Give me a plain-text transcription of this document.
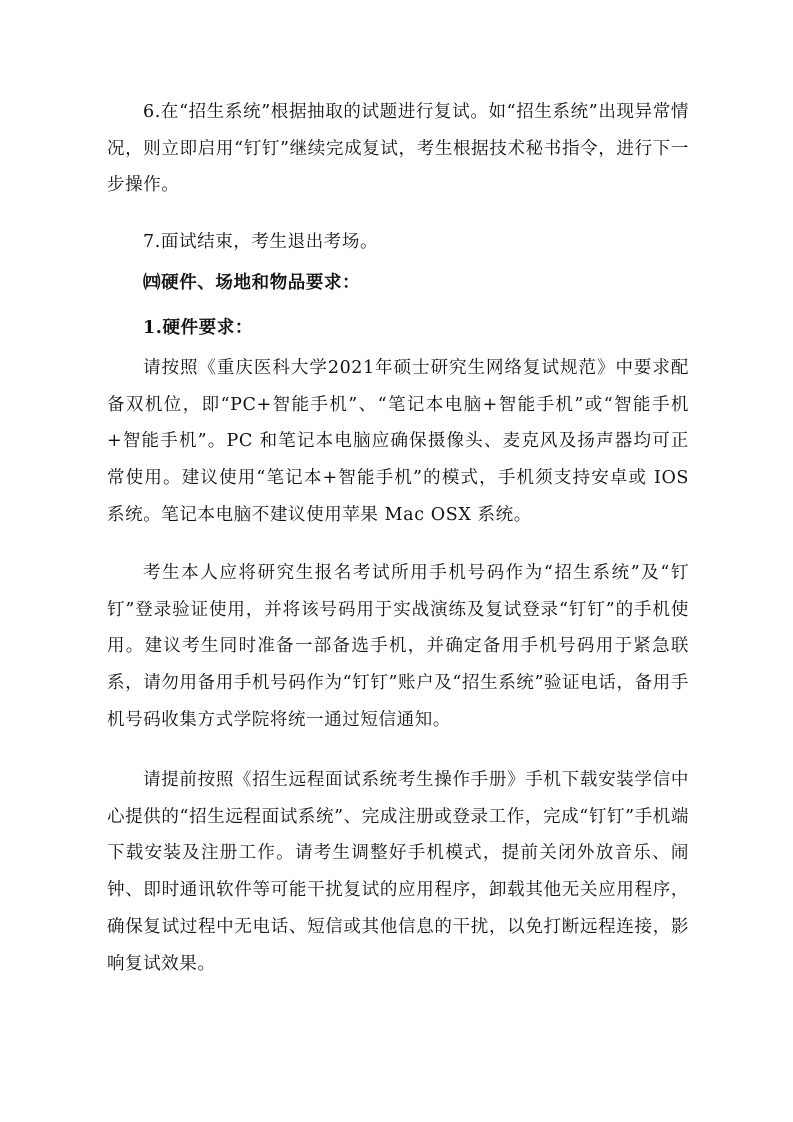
6.在“招生系统”根据抽取的试题进行复试。如“招生系统”出现异常情况，则立即启用“钉钉”继续完成复试，考生根据技术秘书指令，进行下一步操作。

7.面试结束，考生退出考场。

㈣硬件、场地和物品要求：

1.硬件要求：

请按照《重庆医科大学2021年硕士研究生网络复试规范》中要求配备双机位，即“PC+智能手机”、“笔记本电脑+智能手机”或“智能手机+智能手机”。PC 和笔记本电脑应确保摄像头、麦克风及扬声器均可正常使用。建议使用“笔记本+智能手机”的模式，手机须支持安卓或 IOS 系统。笔记本电脑不建议使用苹果 Mac OSX 系统。

考生本人应将研究生报名考试所用手机号码作为“招生系统”及“钉钉”登录验证使用，并将该号码用于实战演练及复试登录“钉钉”的手机使用。建议考生同时准备一部备选手机，并确定备用手机号码用于紧急联系，请勿用备用手机号码作为“钉钉”账户及“招生系统”验证电话，备用手机号码收集方式学院将统一通过短信通知。

请提前按照《招生远程面试系统考生操作手册》手机下载安装学信中心提供的“招生远程面试系统”、完成注册或登录工作，完成“钉钉”手机端下载安装及注册工作。请考生调整好手机模式，提前关闭外放音乐、闹钟、即时通讯软件等可能干扰复试的应用程序，卸载其他无关应用程序，确保复试过程中无电话、短信或其他信息的干扰，以免打断远程连接，影响复试效果。
